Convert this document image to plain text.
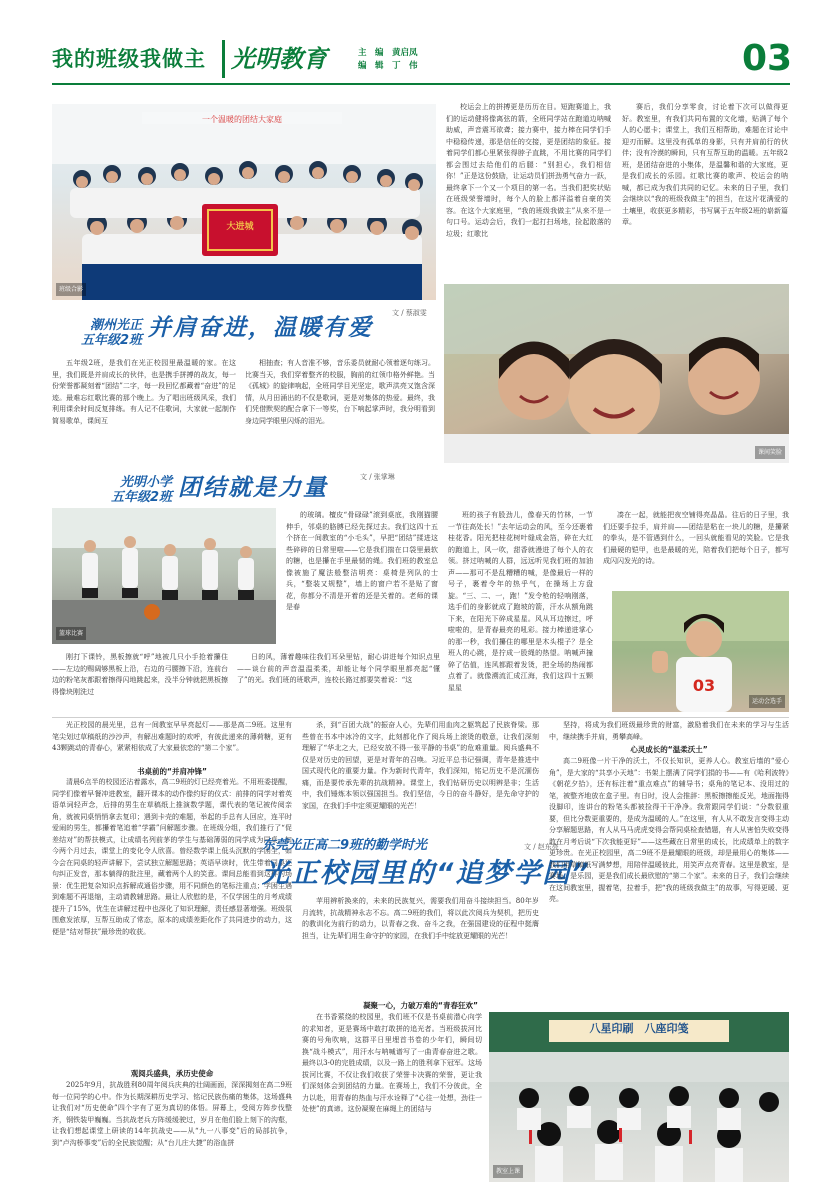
我的班级我做主	光明教育	主　编　黄启凤
编　辑　丁　伟	03
一个温暖的团结大家庭
大进城
班级合影
校运会上的拼搏更是历历在目。短跑赛道上，我们的运动健将像离弦的箭，全班同学站在跑道边呐喊助威，声音震耳欲聋；接力赛中，接力棒在同学们手中稳稳传递，那是信任的交接，更是团结的象征。接着同学们都心里紧张得脖子直跳，不用比赛的同学们都会围过去给他们的后腿：“别担心，我们相信你！”正是这份鼓励，让运动员们拼劲勇气奋力一跃，最终拿下一个又一个项目的第一名。当我们把奖状贴在班级荣誉墙时，每个人的脸上都洋溢着自豪的笑容。在这个大家庭里，“我的班级我做主”从来不是一句口号。运动会后，我们一起打扫场地，捡起散落的垃圾；红歌比
赛后，我们分享零食，讨论着下次可以做得更好。教室里，有我们共同布置的文化墙，贴满了每个人的心愿卡；课堂上，我们互相帮助，难题在讨论中迎刃而解。这里没有孤单的身影，只有并肩前行的伙伴；没有冷漠的瞬间，只有互帮互助的温暖。五年级2班，是团结奋进的小集体，是温馨和谐的大家庭，更是我们成长的乐园。红歌比赛的歌声、校运会的呐喊，都已成为我们共同的记忆。未来的日子里，我们会继续以“我的班级我做主”的担当，在这片花满爱的土壤里，收获更多精彩，书写属于五年级2班的崭新篇章。
潮州光正
五年级2班 并肩奋进，温暖有爱
文 / 蔡淑雯
五年级2班，是我们在光正校园里最温暖的家。在这里，我们既是并肩成长的伙伴，也是携手拼搏的战友，每一份荣誉都凝刻着“团结”二字，每一段回忆都藏着“奋进”的足迹。最难忘红歌比赛的那个晚上。为了唱出班级风采，我们利用课余时间反复排练。有人记不住歌词，大家就一起制作简易歌单，课间互
相抽查；有人音准不够，音乐委员就耐心领着逐句练习。比赛当天，我们穿着整齐的校服，胸前的红领巾格外鲜艳。当《孤城》的旋律响起，全班同学目光坚定，歌声洪亮又饱含深情，从月田涌出的不仅是歌词，更是对集体的热爱。最终，我们凭借默契的配合拿下一等奖，台下响起掌声时，我分明看到身边同学眼里闪烁的泪光。
课间笑脸
光明小学
五年级2班 团结就是力量	文 / 张掌琳
篮球比赛
的玻璃。檀皮“骨碌碌”滚到桌底，我刚猫腰伸手，邻桌的胳膊已经先探过去。我们这四十五个挤在一间教室的“小毛头”，早把“团结”揉进这些碎碎的日常里啦——它是我们揣在口袋里最软的糖，也是攥在手里最韧的绳。我们班的教室总像被施了魔法般整洁明亮：桌椅是列队的士兵，“整装又规整”，墙上的窗户若不是贴了窗花，你都分不清是开着的还是关着的。老师的课是春
班的孩子有股劲儿，像春天的竹林，一节一节往高处长！”去年运动会的风，至今还裹着桂花香。阳光把桂花树叶缝成金箔，碎在大红的跑道上，风一吹，甜香就漫进了每个人的衣领。挤过呐喊的人群，远远听见我们班的加油声——那可不是乱糟糟的喊，是像最后一样的号子，裹着令年的热乎气，在操场上方盘旋。“三、二、一，跑！”发令枪的轻响刚落，选手们的身影就成了跑坡的箭，汗水从额角跳下来，在阳光下碎成星星。风从耳边擦过，呼啦啦的，是青春最亮的吼彩。接力棒递进掌心的那一秒，我们攥住的哪里是木头棍子？是全班人的心跳，是拧成一股绳的热望。呐喊声撞碎了估值，连风都跟着发烫，把全场的热闹都点着了。就像溯流汇成江海，我们这四十五颗星星
凑在一起，就能把夜空铺得亮晶晶。往后的日子里，我们还要手拉手，肩并肩——团结是粘在一块儿的糖，是攥紧的拳头，是不管遇到什么，一回头就能看见的笑脸。它是我们最硬的铠甲，也是最暖的光，陪着我们把每个日子，都写成闪闪发光的诗。
刚打下课铃，黑板擦就“呼”地被几只小手抢着攥住——左边的赐阔够黑板上沿，右边的弓腰擦下沿，连前台边的粉笔灰都跟着擦得闪地跳起来，没半分钟就把黑板擦得像块刚洗过
日的风，薄着趣味往我们耳朵里钻，耐心讲进每个知识点里——谈台前的声音温温柔柔，却能让每个同学眼里都亮起“懂了”的光。我们班的班歌声，连校长路过都要笑着说：“这	03
运动会选手
光正校园的晨光里，总有一间教室早早亮起灯——那是高二9班。这里有笔尖划过草稿纸的沙沙声，有解出难题时的欢呼，有彼此递来的薄荷糖，更有43颗跳动的青春心，紧紧相依成了大家最依恋的“第二个家”。
书桌前的“并肩冲锋”
清晨6点半的校园还沾着露水，高二9班的灯已经亮着光。不用班委提醒，同学们像着早餐冲进教室，翻开课本的动作像约好的仪式：前排的同学对着英语单词轻声念，后排的男生在草稿纸上推演数学题，课代表的笔记被传阅亲角，就被同桌悄悄拿去复印；遇到卡壳的难题，举起的手总有人回应，连平时爱闹的男生，都攥着笔追着“学霸”问解题步骤。在班级分组，我们推行了“促差结对”的帮扶模式，让成绩名列前茅的学生与基础薄弱的同学成为同桌。如今两个月过去，课堂上的变化令人欣喜。曾经数学课上低头沉默的学困生，如今会在同桌的轻声讲解下，尝试独立解题思路；英语早读时，优生带着同桌逐句纠正发音，那本躺得的批注里，藏着两个人的笑意。课间总能看到这样的场景：优生把复杂知识点拆解成通俗步骤，用不同颜色的笔标注重点；学困生遇到难题不再退缩，主动请教辅思路。最让人欣慰的是，不仅学困生的月考成绩提升了15%，优生在讲解过程中也深化了知识理解，责任感显著增强。班级氛围愈发浓厚，互帮互助成了常态，原本的成绩差距化作了共同进步的动力，这便是“结对帮扶”最珍贵的收获。
观阅兵盛典，承历史使命
2025年9月，抗战胜利80周年阅兵庆典的壮阔画面，深深揭刻在高二9班每一位同学的心中。作为长期深耕历史学习、铭记民族伤痛的集体，这场盛典让我们对“历史使命”四个字有了更为真切的体悟。屏幕上，受阅方阵步伐整齐，钢铁装甲巍巍。当抗战老兵方阵缓缓驶过，岁月在他们脸上刻下的沟壑，让我们想起课堂上研读的14年抗战史——从“九一八事变”后的局部抗争，到“卢沟桥事变”后的全民族觉醒；从“台儿庄大捷”的浴血拼
杀，到“百团大战”的振奋人心，先辈们用血肉之躯筑起了民族脊梁。那些曾在书本中冰冷的文字，此刻都化作了阅兵场上滚烫的敬意，让我们深刻理解了“华北之大，已经安放不得一张平静的书桌”的危难重量。阅兵盛典不仅是对历史的回望，更是对青年的召唤。习近平总书记强调，青年是推进中国式现代化的重要力量。作为新时代青年，我们深知，铭记历史不是沉湎伤痛，而是要传承先辈的抗战精神。课堂上，我们钻研历史以明辨是非；生活中，我们锤炼本领以强国担当。我们坚信，今日的奋斗静好，是先命守护的家国，在我们手中定须更耀眼的光芒！
东莞光正高二9班的勤学时光
光正校园里的“追梦学园”
文 / 赵东亮
苹用辨析换来的，未来的民族复兴，需要我们用奋斗接续担当。80年岁月流转，抗战精神永志不忘。高二9班的我们，将以此次阅兵为契机，把历史的教训化为前行的动力，以青春之我、奋斗之我，在强国建设的征程中挺膺担当，让先辈们用生命守护的家园，在我们手中绽放更耀眼的光芒！
凝聚一心，力破万难的“青春狂欢”
在书香萦绕的校园里，我们班不仅是书桌前潜心向学的求知者，更是赛场中敢打敢拼的追光者。当班级拔河比赛的号角吹响，这群平日里埋首书卷的少年们，瞬间切换“战斗模式”，用汗水与呐喊谱写了一曲青春奋进之歌。最终以3-0的完胜成绩，以及一路上的胜利拿下冠军。这场拔河比赛，不仅让我们收获了荣誉卡决赛的荣誉，更让我们深刻体会到团结的力量。在赛场上，我们不分彼此，全力以赴，用青春的热血与汗水诠释了“心往一处想，劲往一处使”的真谛。这份凝聚在麻绳上的团结与
坚持，将成为我们班级最珍贵的财富，激励着我们在未来的学习与生活中，继续携手并肩，勇攀高峰。
心灵成长的“温柔沃土”
高二9班像一片干净的沃土，不仅长知识，更养人心。教室后墙的“爱心角”，是大家的“共享小天地”：书架上摆满了同学们捐的书——有《哈利波特》《朝花夕拾》，还有标注着“重点难点”的辅导书；桌角的笔记本、没用过的笔，被整齐地放在盒子里。有日时，没人会推辞：黑板擦擦能反光，地面拖得没脚印，连讲台的粉笔头都被捡得干干净净。我常跟同学们说：“分数很重要，但比分数更重要的，是成为温暖的人。”在这里，有人从不敢发言变得主动分享解题思路，有人从马马虎虎变得会帮同桌检查错题，有人从害怕失败变得敢在月考后说“下次我能更好”——这些藏在日常里的成长，比成绩单上的数字更珍贵。在光正校园里，高二9班不是最耀眼的班级，却是最用心的集体——我们用草稿纸写满梦想，用陪伴温暖彼此，用笑声点亮青春。这里是教室，是赛场，是乐园，更是我们成长最欣慰的“第二个家”。未来的日子，我们会继续在这间教室里，握着笔，拉着手，把“我的班级我做主”的故事，写得更暖、更亮。
八星印刷　八座印笺
教室上课
